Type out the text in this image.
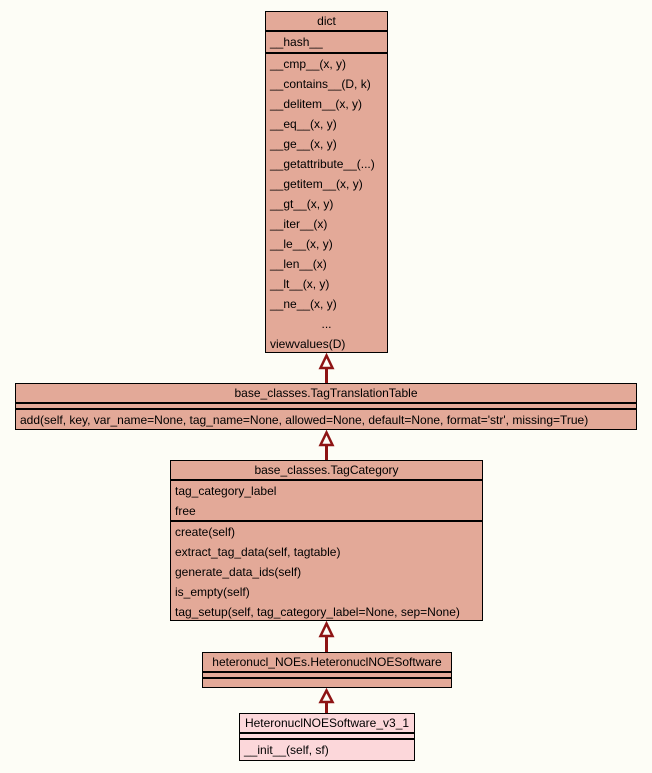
dict
__hash__
__cmp__(x, y)
__contains__(D, k)
__delitem__(x, y)
__eq__(x, y)
__ge__(x, y)
__getattribute__(...)
__getitem__(x, y)
__gt__(x, y)
__iter__(x)
__le__(x, y)
__len__(x)
__lt__(x, y)
__ne__(x, y)
...
viewvalues(D)
base_classes.TagTranslationTable
add(self, key, var_name=None, tag_name=None, allowed=None, default=None, format='str', missing=True)
base_classes.TagCategory
tag_category_label
free
create(self)
extract_tag_data(self, tagtable)
generate_data_ids(self)
is_empty(self)
tag_setup(self, tag_category_label=None, sep=None)
heteronucl_NOEs.HeteronuclNOESoftware
HeteronuclNOESoftware_v3_1
__init__(self, sf)
